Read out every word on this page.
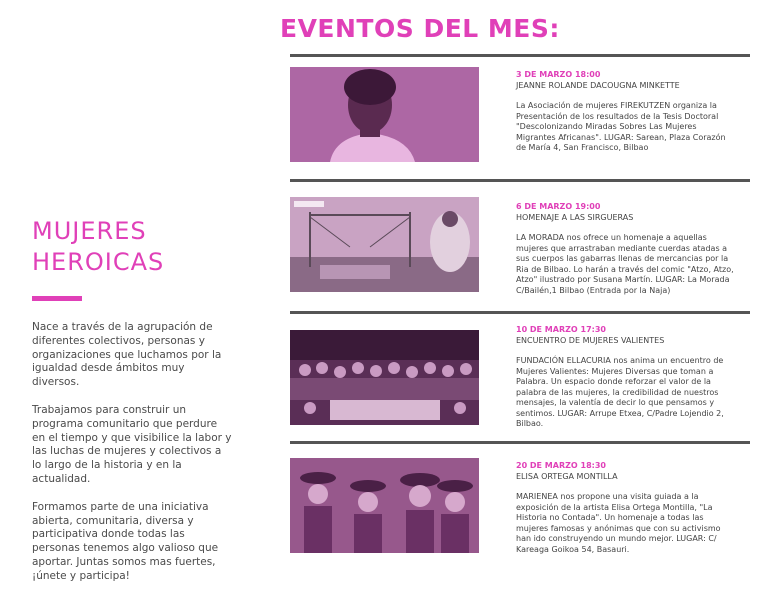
EVENTOS DEL MES:
MUJERES
HEROICAS

Nace a través de la agrupación de diferentes colectivos, personas y organizaciones que luchamos por la igualdad desde ámbitos muy diversos.

Trabajamos para construir un programa comunitario que perdure en el tiempo y que visibilice la labor y las luchas de mujeres y colectivos a lo largo de la historia y en la actualidad.

Formamos parte de una iniciativa abierta, comunitaria, diversa y participativa donde todas las personas tenemos algo valioso que aportar. Juntas somos mas fuertes, ¡únete y participa!

3 DE MARZO 18:00
JEANNE ROLANDE DACOUGNA MINKETTE
La Asociación de mujeres FIREKUTZEN organiza la Presentación de los resultados de la Tesis Doctoral "Descolonizando Miradas Sobres Las Mujeres Migrantes Africanas". LUGAR: Sarean, Plaza Corazón de María 4, San Francisco, Bilbao
6 DE MARZO 19:00
HOMENAJE A LAS SIRGUERAS
LA MORADA nos ofrece un homenaje a aquellas mujeres que arrastraban mediante cuerdas atadas a sus cuerpos las gabarras llenas de mercancias por la Ria de Bilbao. Lo harán a través del comic "Atzo, Atzo, Atzo" ilustrado por Susana Martín. LUGAR: La Morada C/Bailén,1 Bilbao (Entrada por la Naja)
10 DE MARZO 17:30
ENCUENTRO DE MUJERES VALIENTES
FUNDACIÓN ELLACURIA nos anima un encuentro de Mujeres Valientes: Mujeres Diversas que toman a Palabra. Un espacio donde reforzar el valor de la palabra de las mujeres, la credibilidad de nuestros mensajes, la valentía de decir lo que pensamos y sentimos. LUGAR: Arrupe Etxea, C/Padre Lojendio 2, Bilbao.
20 DE MARZO 18:30
ELISA ORTEGA MONTILLA
MARIENEA nos propone una visita guiada a la exposición de la artista Elisa Ortega Montilla, "La Historia no Contada". Un homenaje a todas las mujeres famosas y anónimas que con su activismo han ido construyendo un mundo mejor. LUGAR: C/ Kareaga Goikoa 54, Basauri.
